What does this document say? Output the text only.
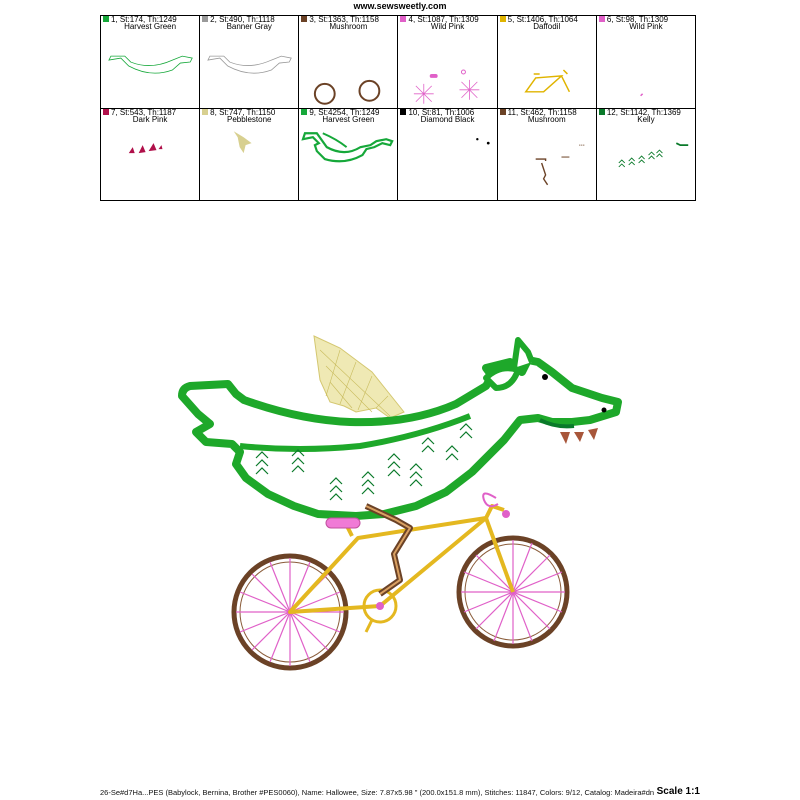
www.sewsweetly.com
1, St:174, Th:1249
Harvest Green
2, St:490, Th:1118
Banner Gray
3, St:1363, Th:1158
Mushroom
4, St:1087, Th:1309
Wild Pink
5, St:1406, Th:1064
Daffodil
6, St:98, Th:1309
Wild Pink
7, St:543, Th:1187
Dark Pink
8, St:747, Th:1150
Pebblestone
9, St:4254, Th:1249
Harvest Green
10, St:81, Th:1006
Diamond Black
11, St:462, Th:1158
Mushroom
12, St:1142, Th:1369
Kelly
26-Se#d7Ha...PES (Babylock, Bernina, Brother #PES0060), Name: Hallowee, Size: 7.87x5.98 " (200.0x151.8 mm), Stitches: 11847, Colors: 9/12, Catalog: Madeira#dn Scale 1:1
